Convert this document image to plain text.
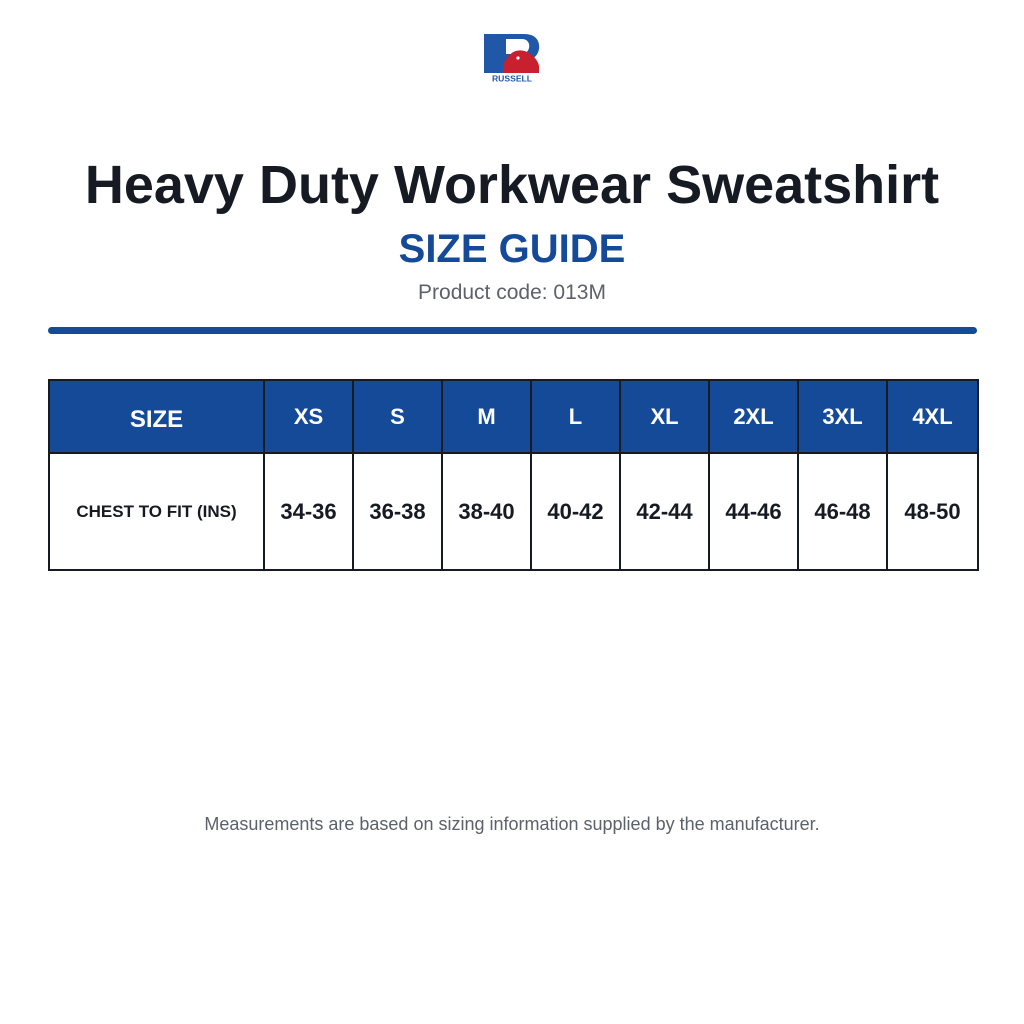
RUSSELL
Heavy Duty Workwear Sweatshirt
SIZE GUIDE
Product code: 013M
SIZE	XS	S	M	L	XL	2XL	3XL	4XL
CHEST TO FIT (INS)	34-36	36-38	38-40	40-42	42-44	44-46	46-48	48-50
Measurements are based on sizing information supplied by the manufacturer.
